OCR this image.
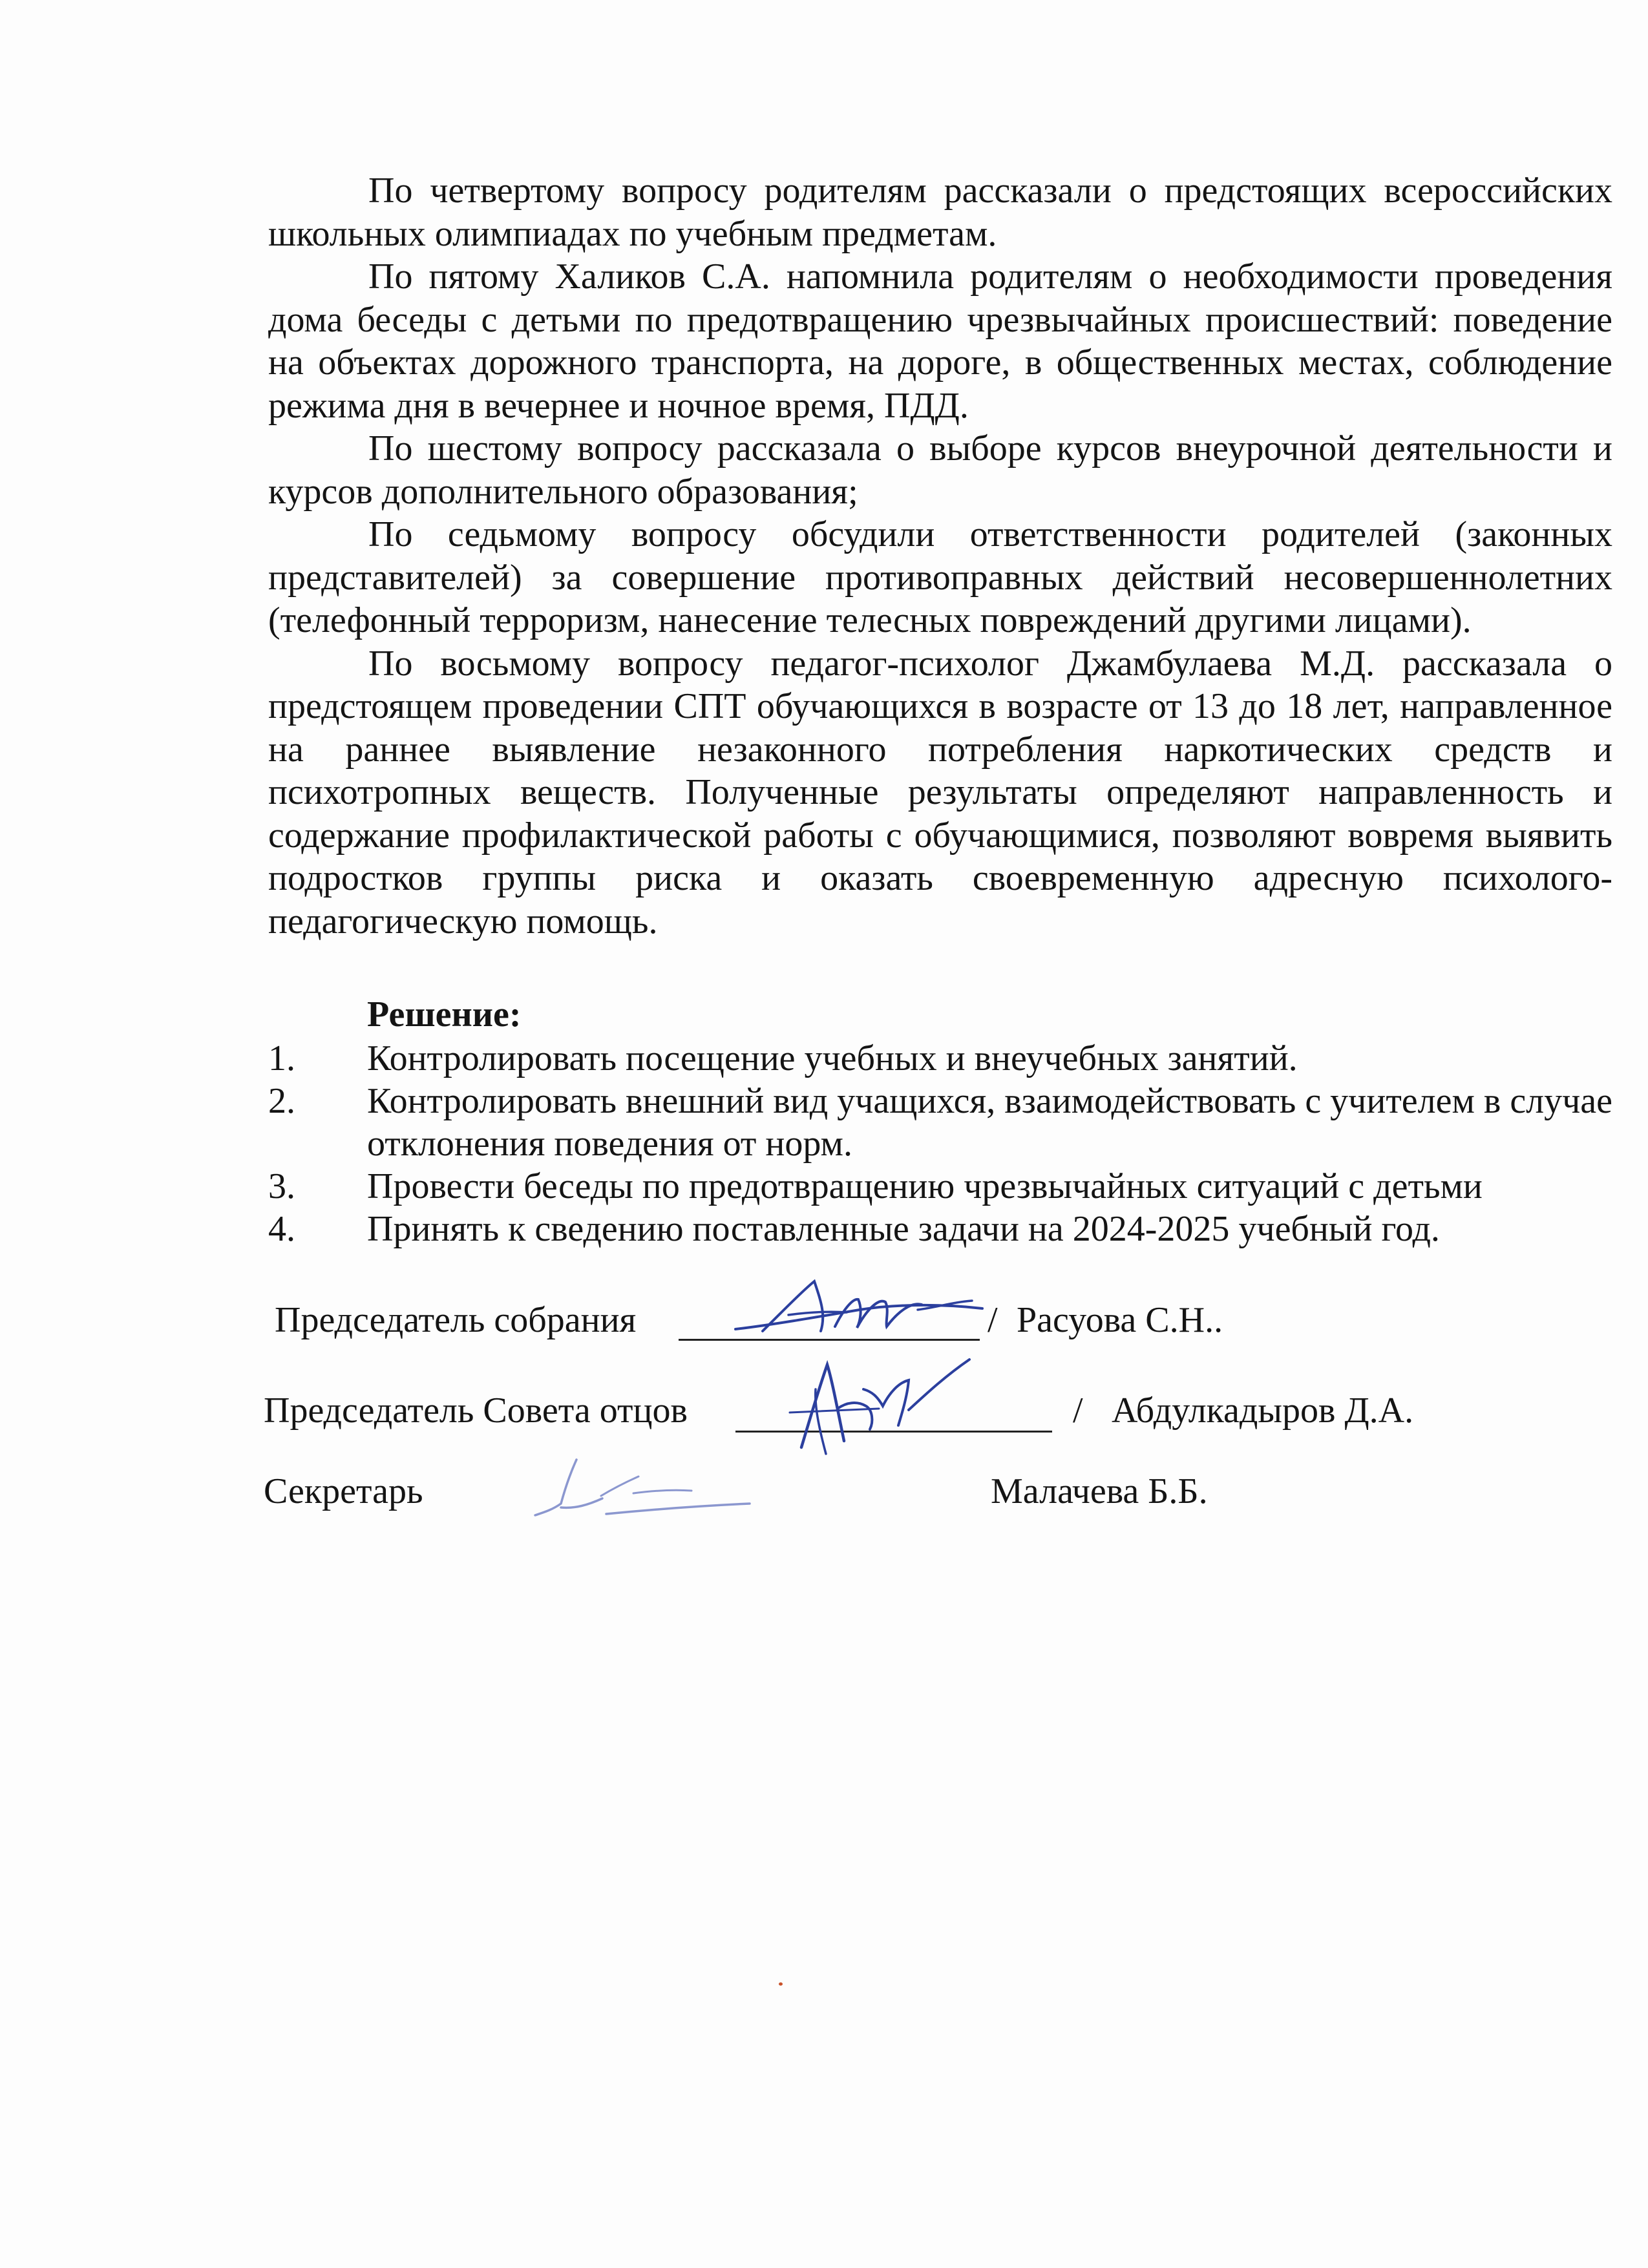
По четвертому вопросу родителям рассказали о предстоящих всероссийских школьных олимпиадах по учебным предметам.

По пятому Халиков С.А. напомнила родителям о необходимости проведения дома беседы с детьми по предотвращению чрезвычайных происшествий: поведение на объектах дорожного транспорта, на дороге, в общественных местах, соблюдение режима дня в вечернее и ночное время, ПДД.

По шестому вопросу рассказала о выборе курсов внеурочной деятельности и курсов дополнительного образования;

По седьмому вопросу обсудили ответственности родителей (законных представителей) за совершение противоправных действий несовершеннолетних (телефонный терроризм, нанесение телесных повреждений другими лицами).

По восьмому вопросу педагог-психолог Джамбулаева М.Д. рассказала о предстоящем проведении СПТ обучающихся в возрасте от 13 до 18 лет, направленное на раннее выявление незаконного потребления наркотических средств и психотропных веществ. Полученные результаты определяют направленность и содержание профилактической работы с обучающимися, позволяют вовремя выявить подростков группы риска и оказать своевременную адресную психолого-педагогическую помощь.

Решение:
1. Контролировать посещение учебных и внеучебных занятий.
2. Контролировать внешний вид учащихся, взаимодействовать с учителем в случае отклонения поведения от норм.
3. Провести беседы по предотвращению чрезвычайных ситуаций с детьми
4. Принять к сведению поставленные задачи на 2024-2025 учебный год.
Председатель собрания	/ Расуова С.Н..
Председатель Совета отцов	/ Абдулкадыров Д.А.
Секретарь	Малачева Б.Б.
